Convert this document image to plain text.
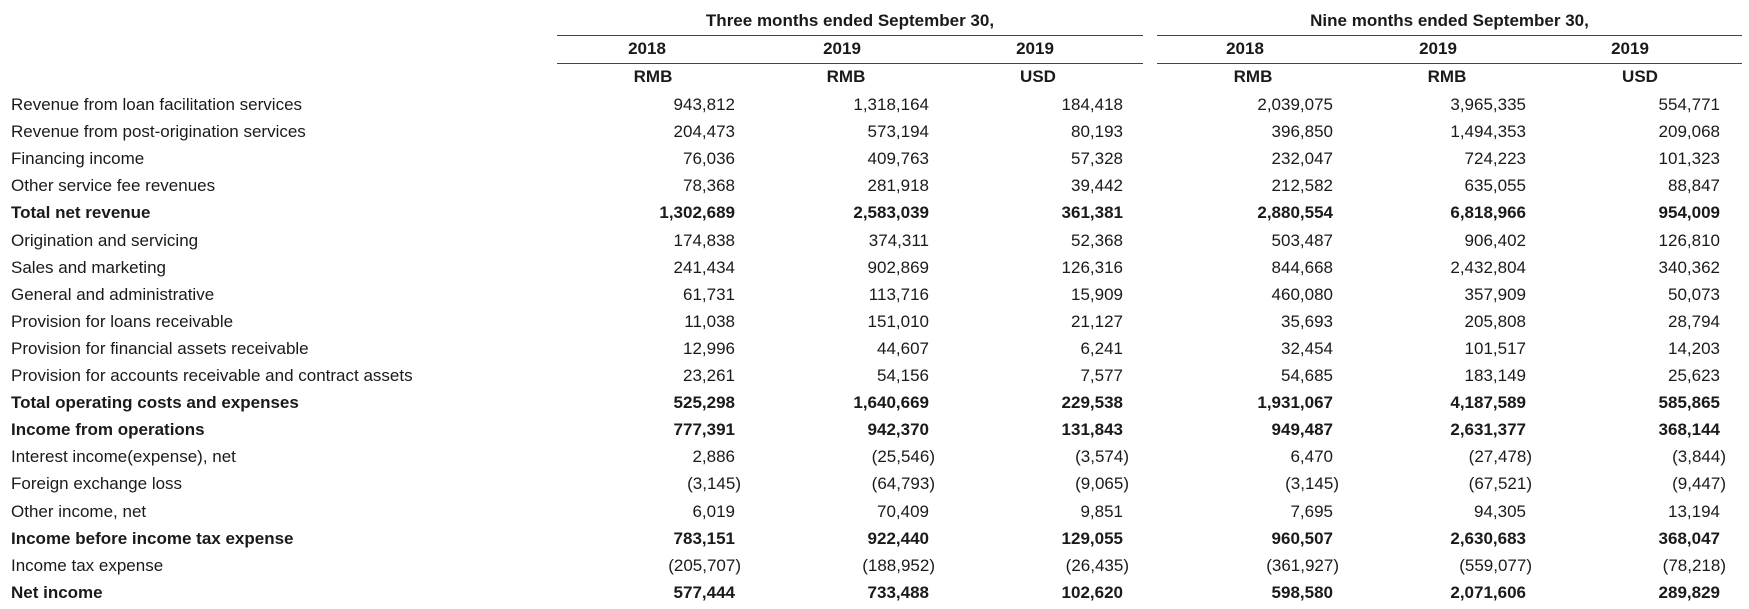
Three months ended September 30,	Nine months ended September 30,
2018	2019	2019	2018	2019	2019
RMB	RMB	USD	RMB	RMB	USD
Revenue from loan facilitation services	943,812	1,318,164	184,418	2,039,075	3,965,335	554,771
Revenue from post-origination services	204,473	573,194	80,193	396,850	1,494,353	209,068
Financing income	76,036	409,763	57,328	232,047	724,223	101,323
Other service fee revenues	78,368	281,918	39,442	212,582	635,055	88,847
Total net revenue	1,302,689	2,583,039	361,381	2,880,554	6,818,966	954,009
Origination and servicing	174,838	374,311	52,368	503,487	906,402	126,810
Sales and marketing	241,434	902,869	126,316	844,668	2,432,804	340,362
General and administrative	61,731	113,716	15,909	460,080	357,909	50,073
Provision for loans receivable	11,038	151,010	21,127	35,693	205,808	28,794
Provision for financial assets receivable	12,996	44,607	6,241	32,454	101,517	14,203
Provision for accounts receivable and contract assets	23,261	54,156	7,577	54,685	183,149	25,623
Total operating costs and expenses	525,298	1,640,669	229,538	1,931,067	4,187,589	585,865
Income from operations	777,391	942,370	131,843	949,487	2,631,377	368,144
Interest income(expense), net	2,886	(25,546)	(3,574)	6,470	(27,478)	(3,844)
Foreign exchange loss	(3,145)	(64,793)	(9,065)	(3,145)	(67,521)	(9,447)
Other income, net	6,019	70,409	9,851	7,695	94,305	13,194
Income before income tax expense	783,151	922,440	129,055	960,507	2,630,683	368,047
Income tax expense	(205,707)	(188,952)	(26,435)	(361,927)	(559,077)	(78,218)
Net income	577,444	733,488	102,620	598,580	2,071,606	289,829
